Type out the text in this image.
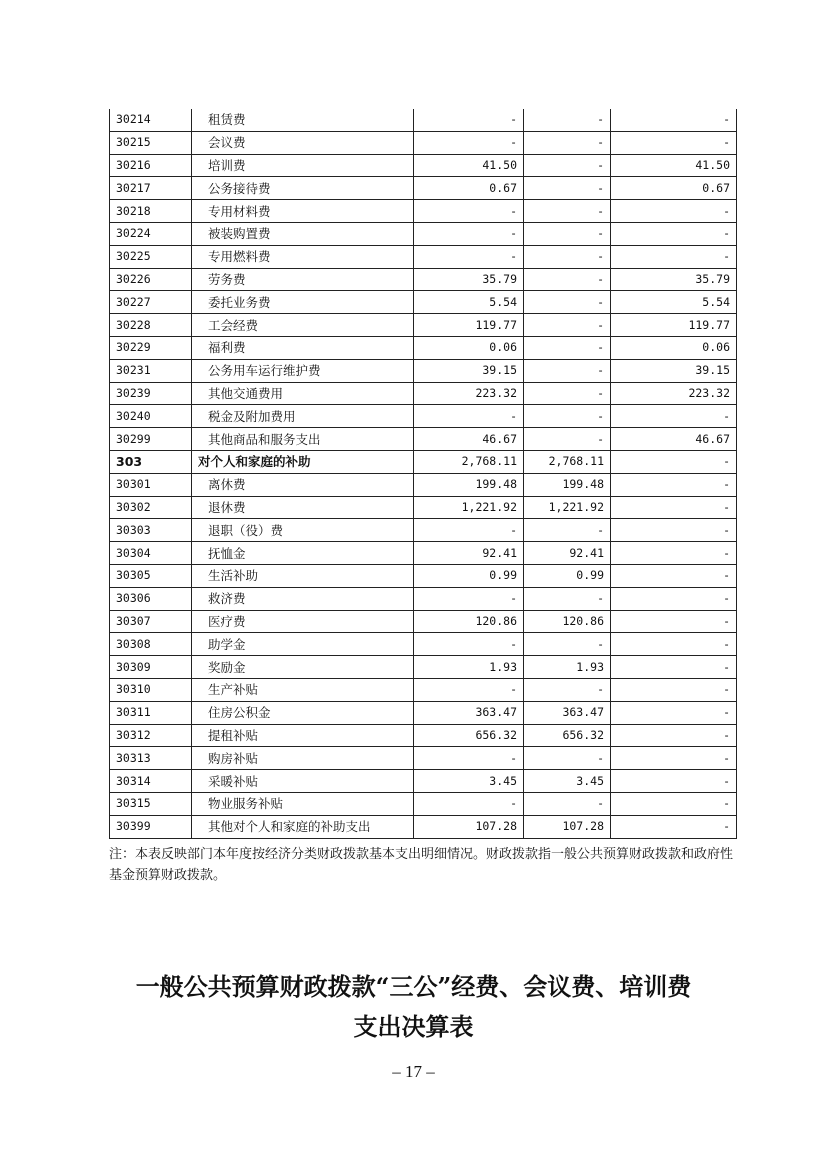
30214	租赁费	-	-	-
30215	会议费	-	-	-
30216	培训费	41.50	-	41.50
30217	公务接待费	0.67	-	0.67
30218	专用材料费	-	-	-
30224	被装购置费	-	-	-
30225	专用燃料费	-	-	-
30226	劳务费	35.79	-	35.79
30227	委托业务费	5.54	-	5.54
30228	工会经费	119.77	-	119.77
30229	福利费	0.06	-	0.06
30231	公务用车运行维护费	39.15	-	39.15
30239	其他交通费用	223.32	-	223.32
30240	税金及附加费用	-	-	-
30299	其他商品和服务支出	46.67	-	46.67
303	对个人和家庭的补助	2,768.11	2,768.11	-
30301	离休费	199.48	199.48	-
30302	退休费	1,221.92	1,221.92	-
30303	退职（役）费	-	-	-
30304	抚恤金	92.41	92.41	-
30305	生活补助	0.99	0.99	-
30306	救济费	-	-	-
30307	医疗费	120.86	120.86	-
30308	助学金	-	-	-
30309	奖励金	1.93	1.93	-
30310	生产补贴	-	-	-
30311	住房公积金	363.47	363.47	-
30312	提租补贴	656.32	656.32	-
30313	购房补贴	-	-	-
30314	采暖补贴	3.45	3.45	-
30315	物业服务补贴	-	-	-
30399	其他对个人和家庭的补助支出	107.28	107.28	-
注：本表反映部门本年度按经济分类财政拨款基本支出明细情况。财政拨款指一般公共预算财政拨款和政府性基金预算财政拨款。
一般公共预算财政拨款“三公”经费、会议费、培训费
支出决算表
– 17 –
